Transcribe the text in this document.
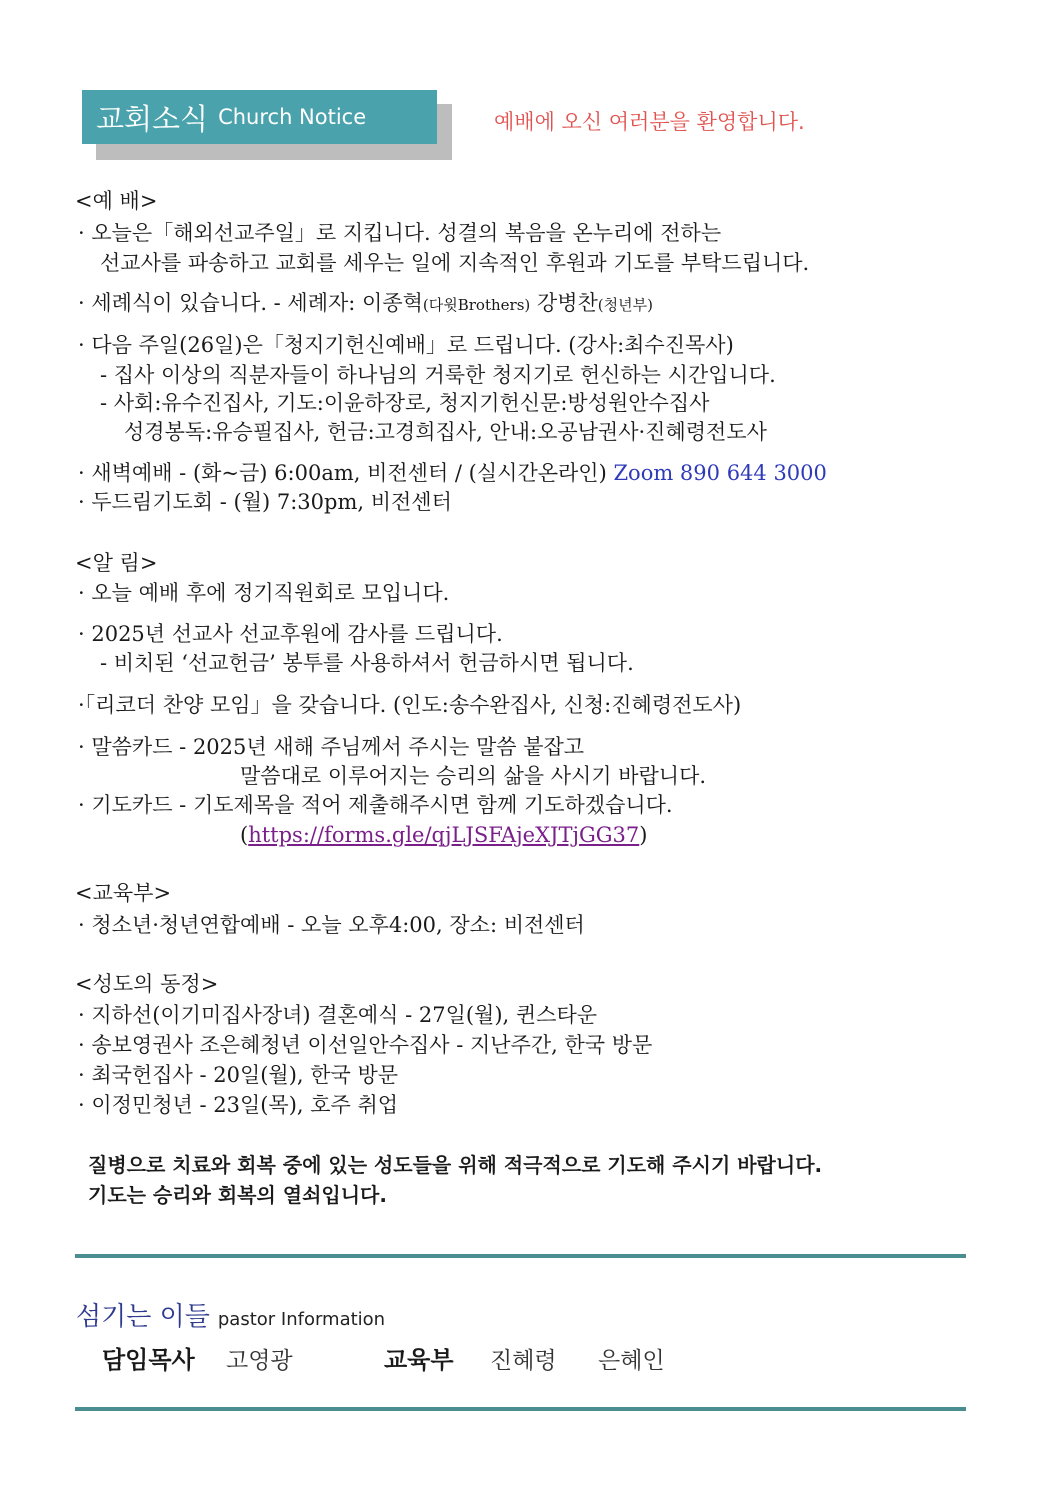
교회소식 Church Notice	예배에 오신 여러분을 환영합니다.
<예 배>
· 오늘은「해외선교주일」로 지킵니다. 성결의 복음을 온누리에 전하는
선교사를 파송하고 교회를 세우는 일에 지속적인 후원과 기도를 부탁드립니다.
· 세례식이 있습니다. - 세례자: 이종혁(다윗Brothers) 강병찬(청년부)
· 다음 주일(26일)은「청지기헌신예배」로 드립니다. (강사:최수진목사)
- 집사 이상의 직분자들이 하나님의 거룩한 청지기로 헌신하는 시간입니다.
- 사회:유수진집사, 기도:이윤하장로, 청지기헌신문:방성원안수집사
성경봉독:유승필집사, 헌금:고경희집사, 안내:오공남권사·진혜령전도사
· 새벽예배 - (화~금) 6:00am, 비전센터 / (실시간온라인) Zoom 890 644 3000
· 두드림기도회 - (월) 7:30pm, 비전센터
<알 림>
· 오늘 예배 후에 정기직원회로 모입니다.
· 2025년 선교사 선교후원에 감사를 드립니다.
- 비치된 ‘선교헌금’ 봉투를 사용하셔서 헌금하시면 됩니다.
·「리코더 찬양 모임」을 갖습니다. (인도:송수완집사, 신청:진혜령전도사)
· 말씀카드 - 2025년 새해 주님께서 주시는 말씀 붙잡고
말씀대로 이루어지는 승리의 삶을 사시기 바랍니다.
· 기도카드 - 기도제목을 적어 제출해주시면 함께 기도하겠습니다.
(https://forms.gle/qjLJSFAjeXJTjGG37)
<교육부>
· 청소년·청년연합예배 - 오늘 오후4:00, 장소: 비전센터
<성도의 동정>
· 지하선(이기미집사장녀) 결혼예식 - 27일(월), 퀸스타운
· 송보영권사 조은혜청년 이선일안수집사 - 지난주간, 한국 방문
· 최국헌집사 - 20일(월), 한국 방문
· 이정민청년 - 23일(목), 호주 취업
질병으로 치료와 회복 중에 있는 성도들을 위해 적극적으로 기도해 주시기 바랍니다.
기도는 승리와 회복의 열쇠입니다.
섬기는 이들 pastor Information
담임목사 고영광	교육부 진혜령 은혜인
